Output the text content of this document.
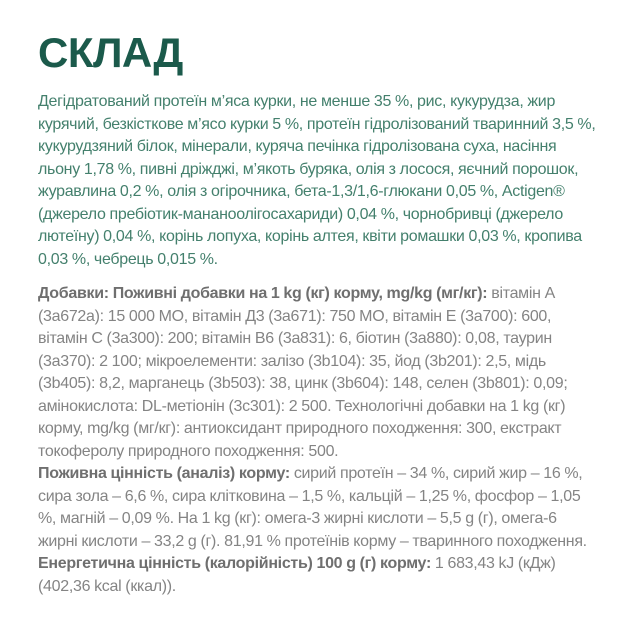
СКЛАД

Дегідратований протеїн м’яса курки, не менше 35 %, рис, кукурудза, жир курячий, безкісткове м’ясо курки 5 %, протеїн гідролізований тваринний 3,5 %, кукурудзяний білок, мінерали, куряча печінка гідролізована суха, насіння льону 1,78 %, пивні дріжджі, м’якоть буряка, олія з лосося, яєчний порошок, журавлина 0,2 %, олія з огірочника, бета-1,3/1,6-глюкани 0,05 %, Actigen® (джерело пребіотик-мананоолігосахариди) 0,04 %, чорнобривці (джерело лютеїну) 0,04 %, корінь лопуха, корінь алтея, квіти ромашки 0,03 %, кропива 0,03 %, чебрець 0,015 %.

Добавки: Поживні добавки на 1 kg (кг) корму, mg/kg (мг/кг): вітамін А (3a672a): 15 000 МО, вітамін Д3 (3a671): 750 МО, вітамін Е (3a700): 600, вітамін С (3a300): 200; вітамін В6 (3a831): 6, біотин (3a880): 0,08, таурин (3a370): 2 100; мікроелементи: залізо (3b104): 35, йод (3b201): 2,5, мідь (3b405): 8,2, марганець (3b503): 38, цинк (3b604): 148, селен (3b801): 0,09; амінокислота: DL-метіонін (3c301): 2 500. Технологічні добавки на 1 kg (кг) корму, mg/kg (мг/кг): антиоксидант природного походження: 300, екстракт токоферолу природного походження: 500.

Поживна цінність (аналіз) корму: сирий протеїн – 34 %, сирий жир – 16 %, сира зола – 6,6 %, сира клітковина – 1,5 %, кальцій – 1,25 %, фосфор – 1,05 %, магній – 0,09 %. На 1 kg (кг): омега-3 жирні кислоти – 5,5 g (г), омега-6 жирні кислоти – 33,2 g (г). 81,91 % протеїнів корму – тваринного походження.

Енергетична цінність (калорійність) 100 g (г) корму: 1 683,43 kJ (кДж) (402,36 kcal (ккал)).
